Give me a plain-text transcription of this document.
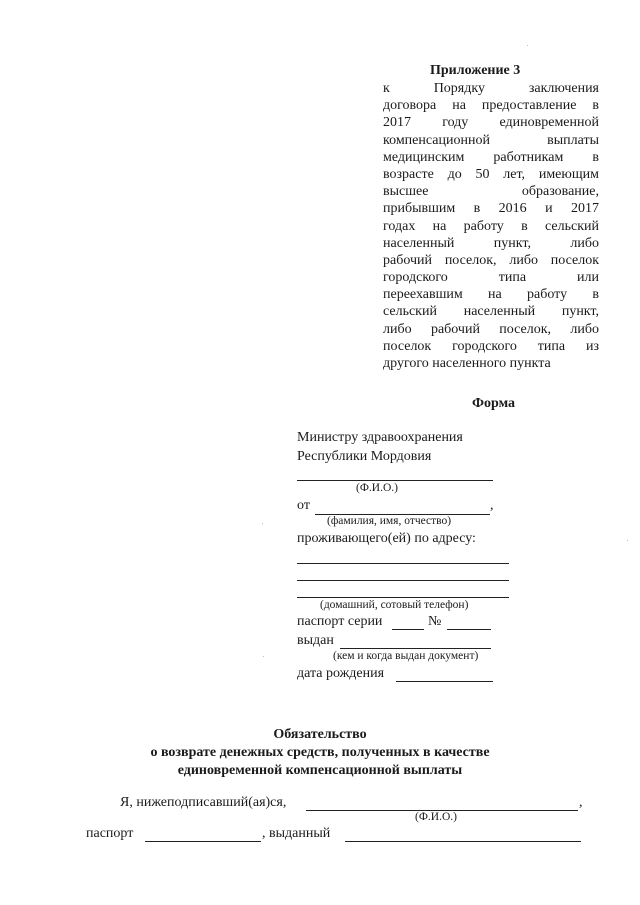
Приложение 3
к Порядку заключения
договора на предоставление в
2017 году единовременной
компенсационной выплаты
медицинским работникам в
возрасте до 50 лет, имеющим
высшее образование,
прибывшим в 2016 и 2017
годах на работу в сельский
населенный пункт, либо
рабочий поселок, либо поселок
городского типа или
переехавшим на работу в
сельский населенный пункт,
либо рабочий поселок, либо
поселок городского типа из
другого населенного пункта
Форма
Министру здравоохранения
Республики Мордовия
(Ф.И.О.)
от	,
(фамилия, имя, отчество)
проживающего(ей) по адресу:
(домашний, сотовый телефон)
паспорт серии	№
выдан
(кем и когда выдан документ)
дата рождения
Обязательство
о возврате денежных средств, полученных в качестве
единовременной компенсационной выплаты
Я, нижеподписавший(ая)ся,	,
(Ф.И.О.)
паспорт	, выданный
